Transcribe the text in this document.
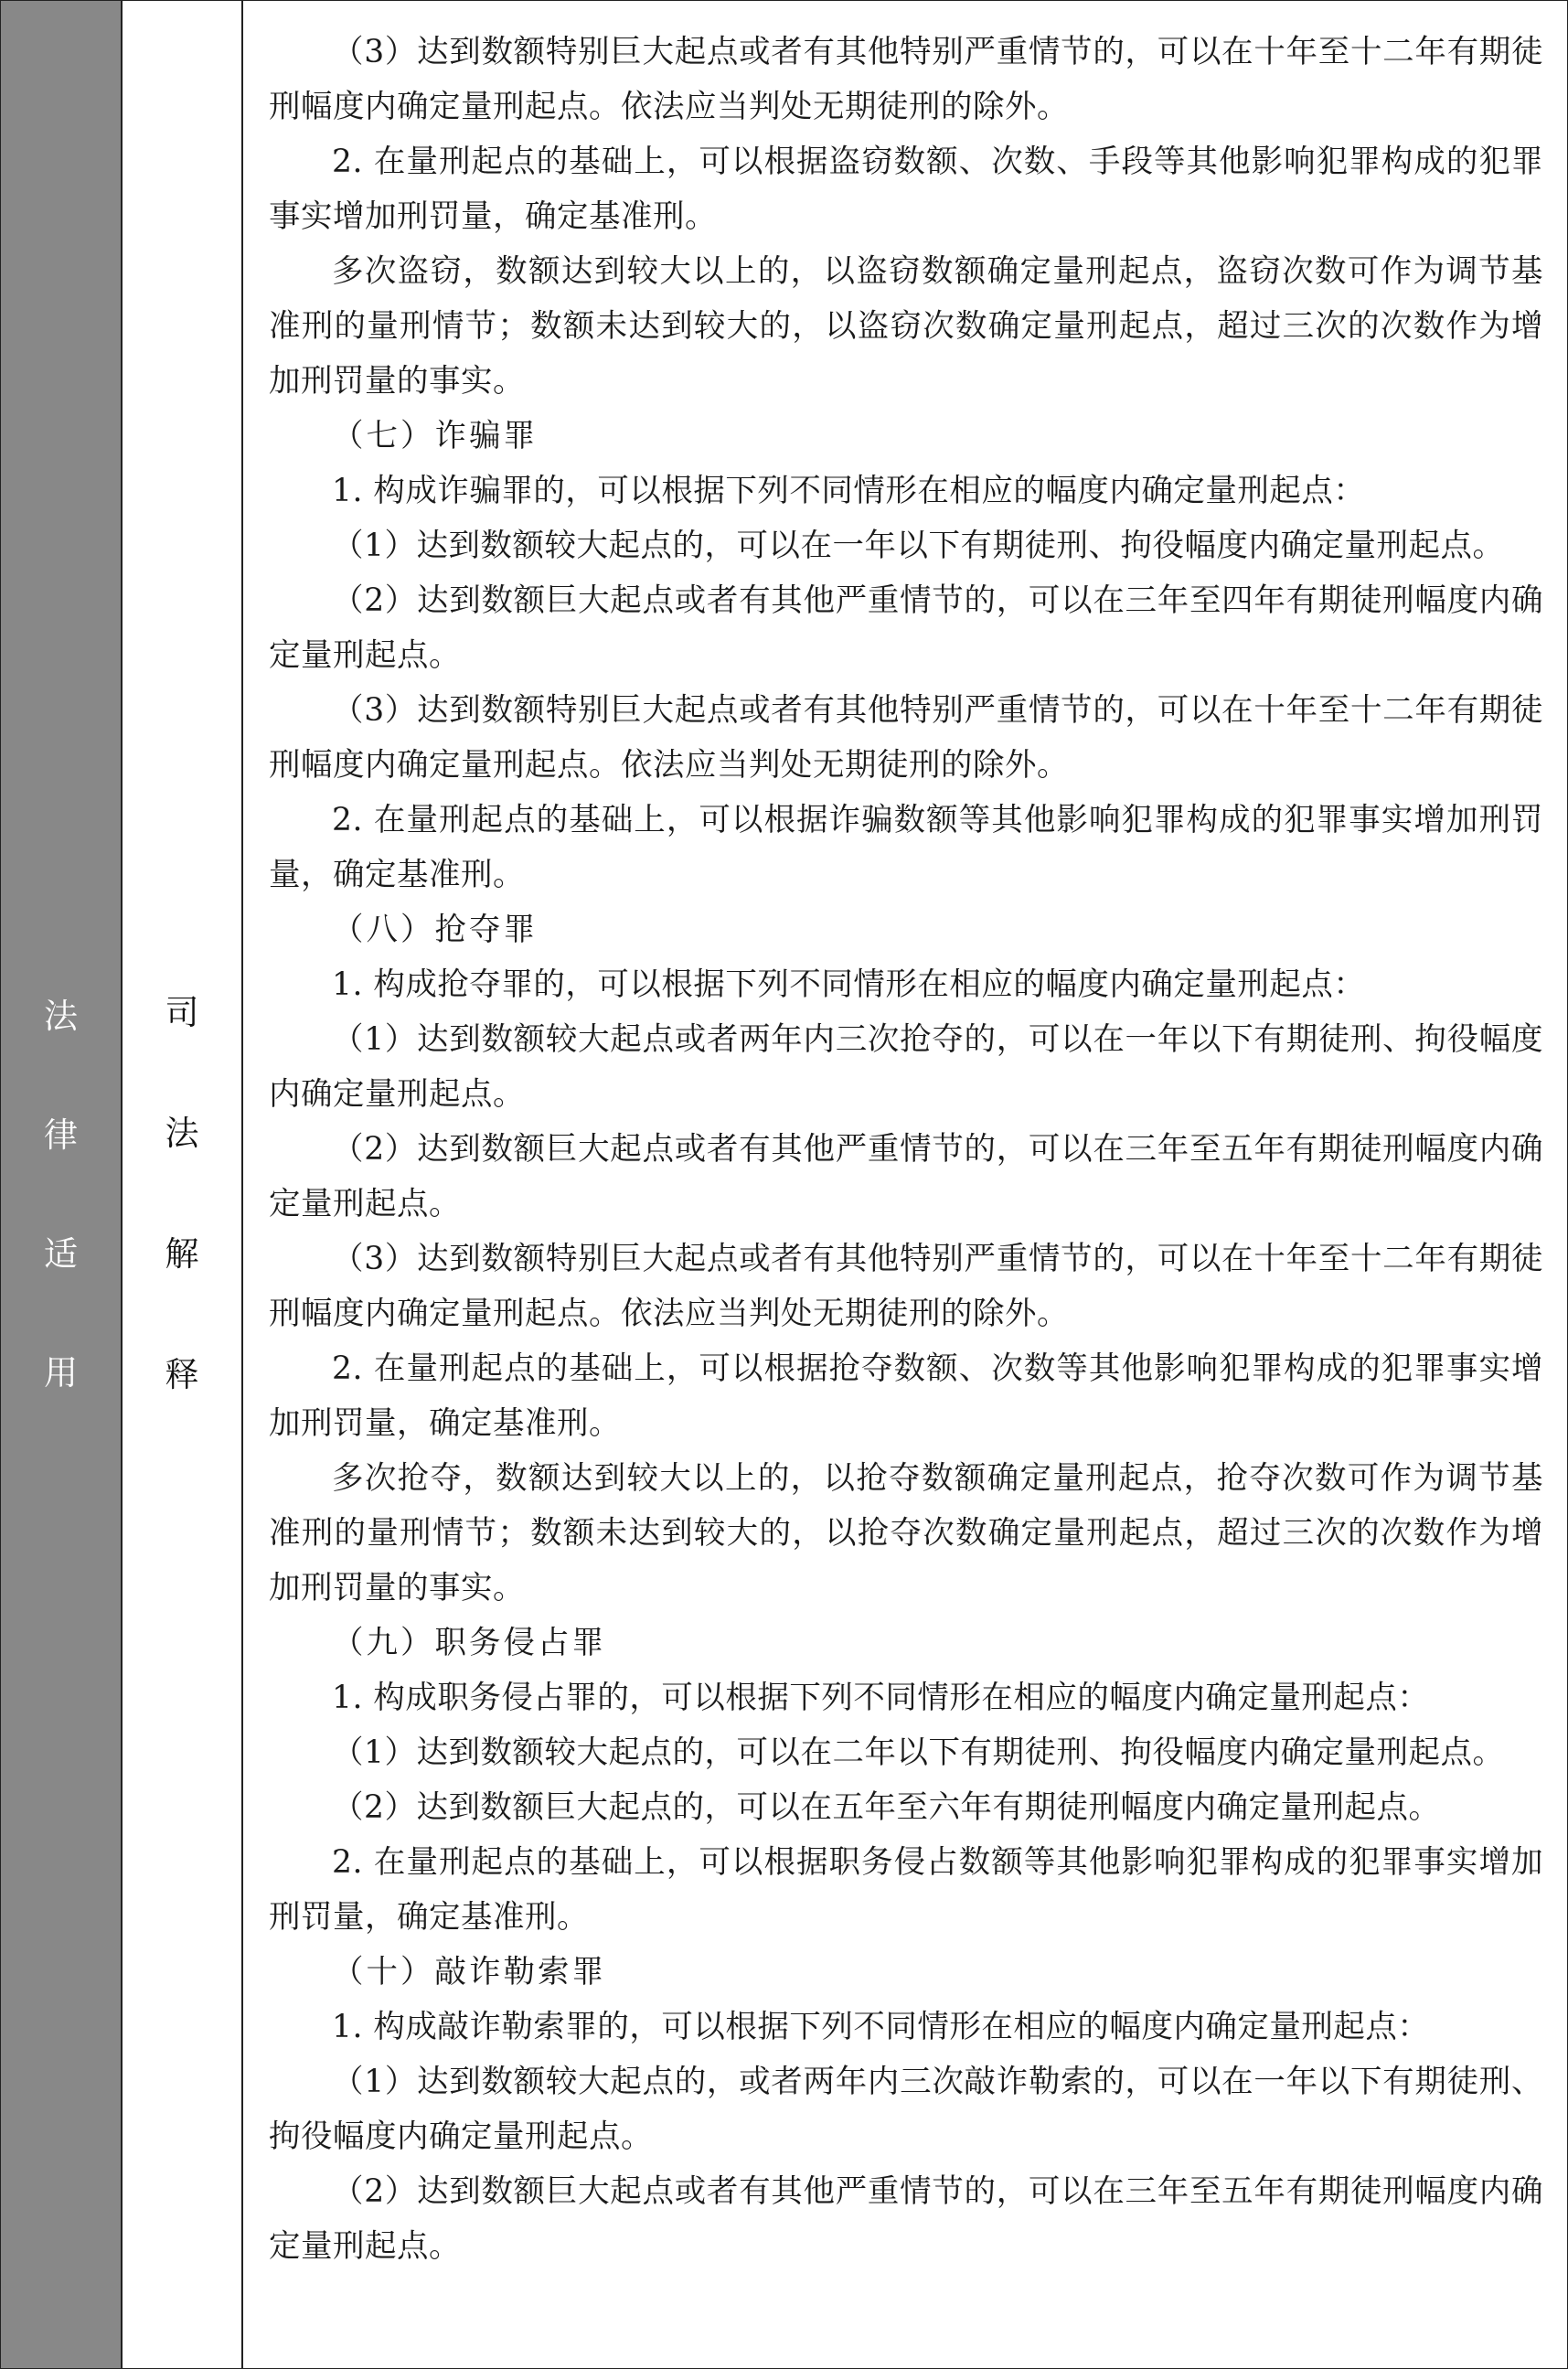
法
律
适
用
司
法
解
释

（3）达到数额特别巨大起点或者有其他特别严重情节的，可以在十年至十二年有期徒刑幅度内确定量刑起点。依法应当判处无期徒刑的除外。

2. 在量刑起点的基础上，可以根据盗窃数额、次数、手段等其他影响犯罪构成的犯罪事实增加刑罚量，确定基准刑。

多次盗窃，数额达到较大以上的，以盗窃数额确定量刑起点，盗窃次数可作为调节基准刑的量刑情节；数额未达到较大的，以盗窃次数确定量刑起点，超过三次的次数作为增加刑罚量的事实。

（七）诈骗罪

1. 构成诈骗罪的，可以根据下列不同情形在相应的幅度内确定量刑起点：

（1）达到数额较大起点的，可以在一年以下有期徒刑、拘役幅度内确定量刑起点。

（2）达到数额巨大起点或者有其他严重情节的，可以在三年至四年有期徒刑幅度内确定量刑起点。

（3）达到数额特别巨大起点或者有其他特别严重情节的，可以在十年至十二年有期徒刑幅度内确定量刑起点。依法应当判处无期徒刑的除外。

2. 在量刑起点的基础上，可以根据诈骗数额等其他影响犯罪构成的犯罪事实增加刑罚量，确定基准刑。

（八）抢夺罪

1. 构成抢夺罪的，可以根据下列不同情形在相应的幅度内确定量刑起点：

（1）达到数额较大起点或者两年内三次抢夺的，可以在一年以下有期徒刑、拘役幅度内确定量刑起点。

（2）达到数额巨大起点或者有其他严重情节的，可以在三年至五年有期徒刑幅度内确定量刑起点。

（3）达到数额特别巨大起点或者有其他特别严重情节的，可以在十年至十二年有期徒刑幅度内确定量刑起点。依法应当判处无期徒刑的除外。

2. 在量刑起点的基础上，可以根据抢夺数额、次数等其他影响犯罪构成的犯罪事实增加刑罚量，确定基准刑。

多次抢夺，数额达到较大以上的，以抢夺数额确定量刑起点，抢夺次数可作为调节基准刑的量刑情节；数额未达到较大的，以抢夺次数确定量刑起点，超过三次的次数作为增加刑罚量的事实。

（九）职务侵占罪

1. 构成职务侵占罪的，可以根据下列不同情形在相应的幅度内确定量刑起点：

（1）达到数额较大起点的，可以在二年以下有期徒刑、拘役幅度内确定量刑起点。

（2）达到数额巨大起点的，可以在五年至六年有期徒刑幅度内确定量刑起点。

2. 在量刑起点的基础上，可以根据职务侵占数额等其他影响犯罪构成的犯罪事实增加刑罚量，确定基准刑。

（十）敲诈勒索罪

1. 构成敲诈勒索罪的，可以根据下列不同情形在相应的幅度内确定量刑起点：

（1）达到数额较大起点的，或者两年内三次敲诈勒索的，可以在一年以下有期徒刑、拘役幅度内确定量刑起点。

（2）达到数额巨大起点或者有其他严重情节的，可以在三年至五年有期徒刑幅度内确定量刑起点。
